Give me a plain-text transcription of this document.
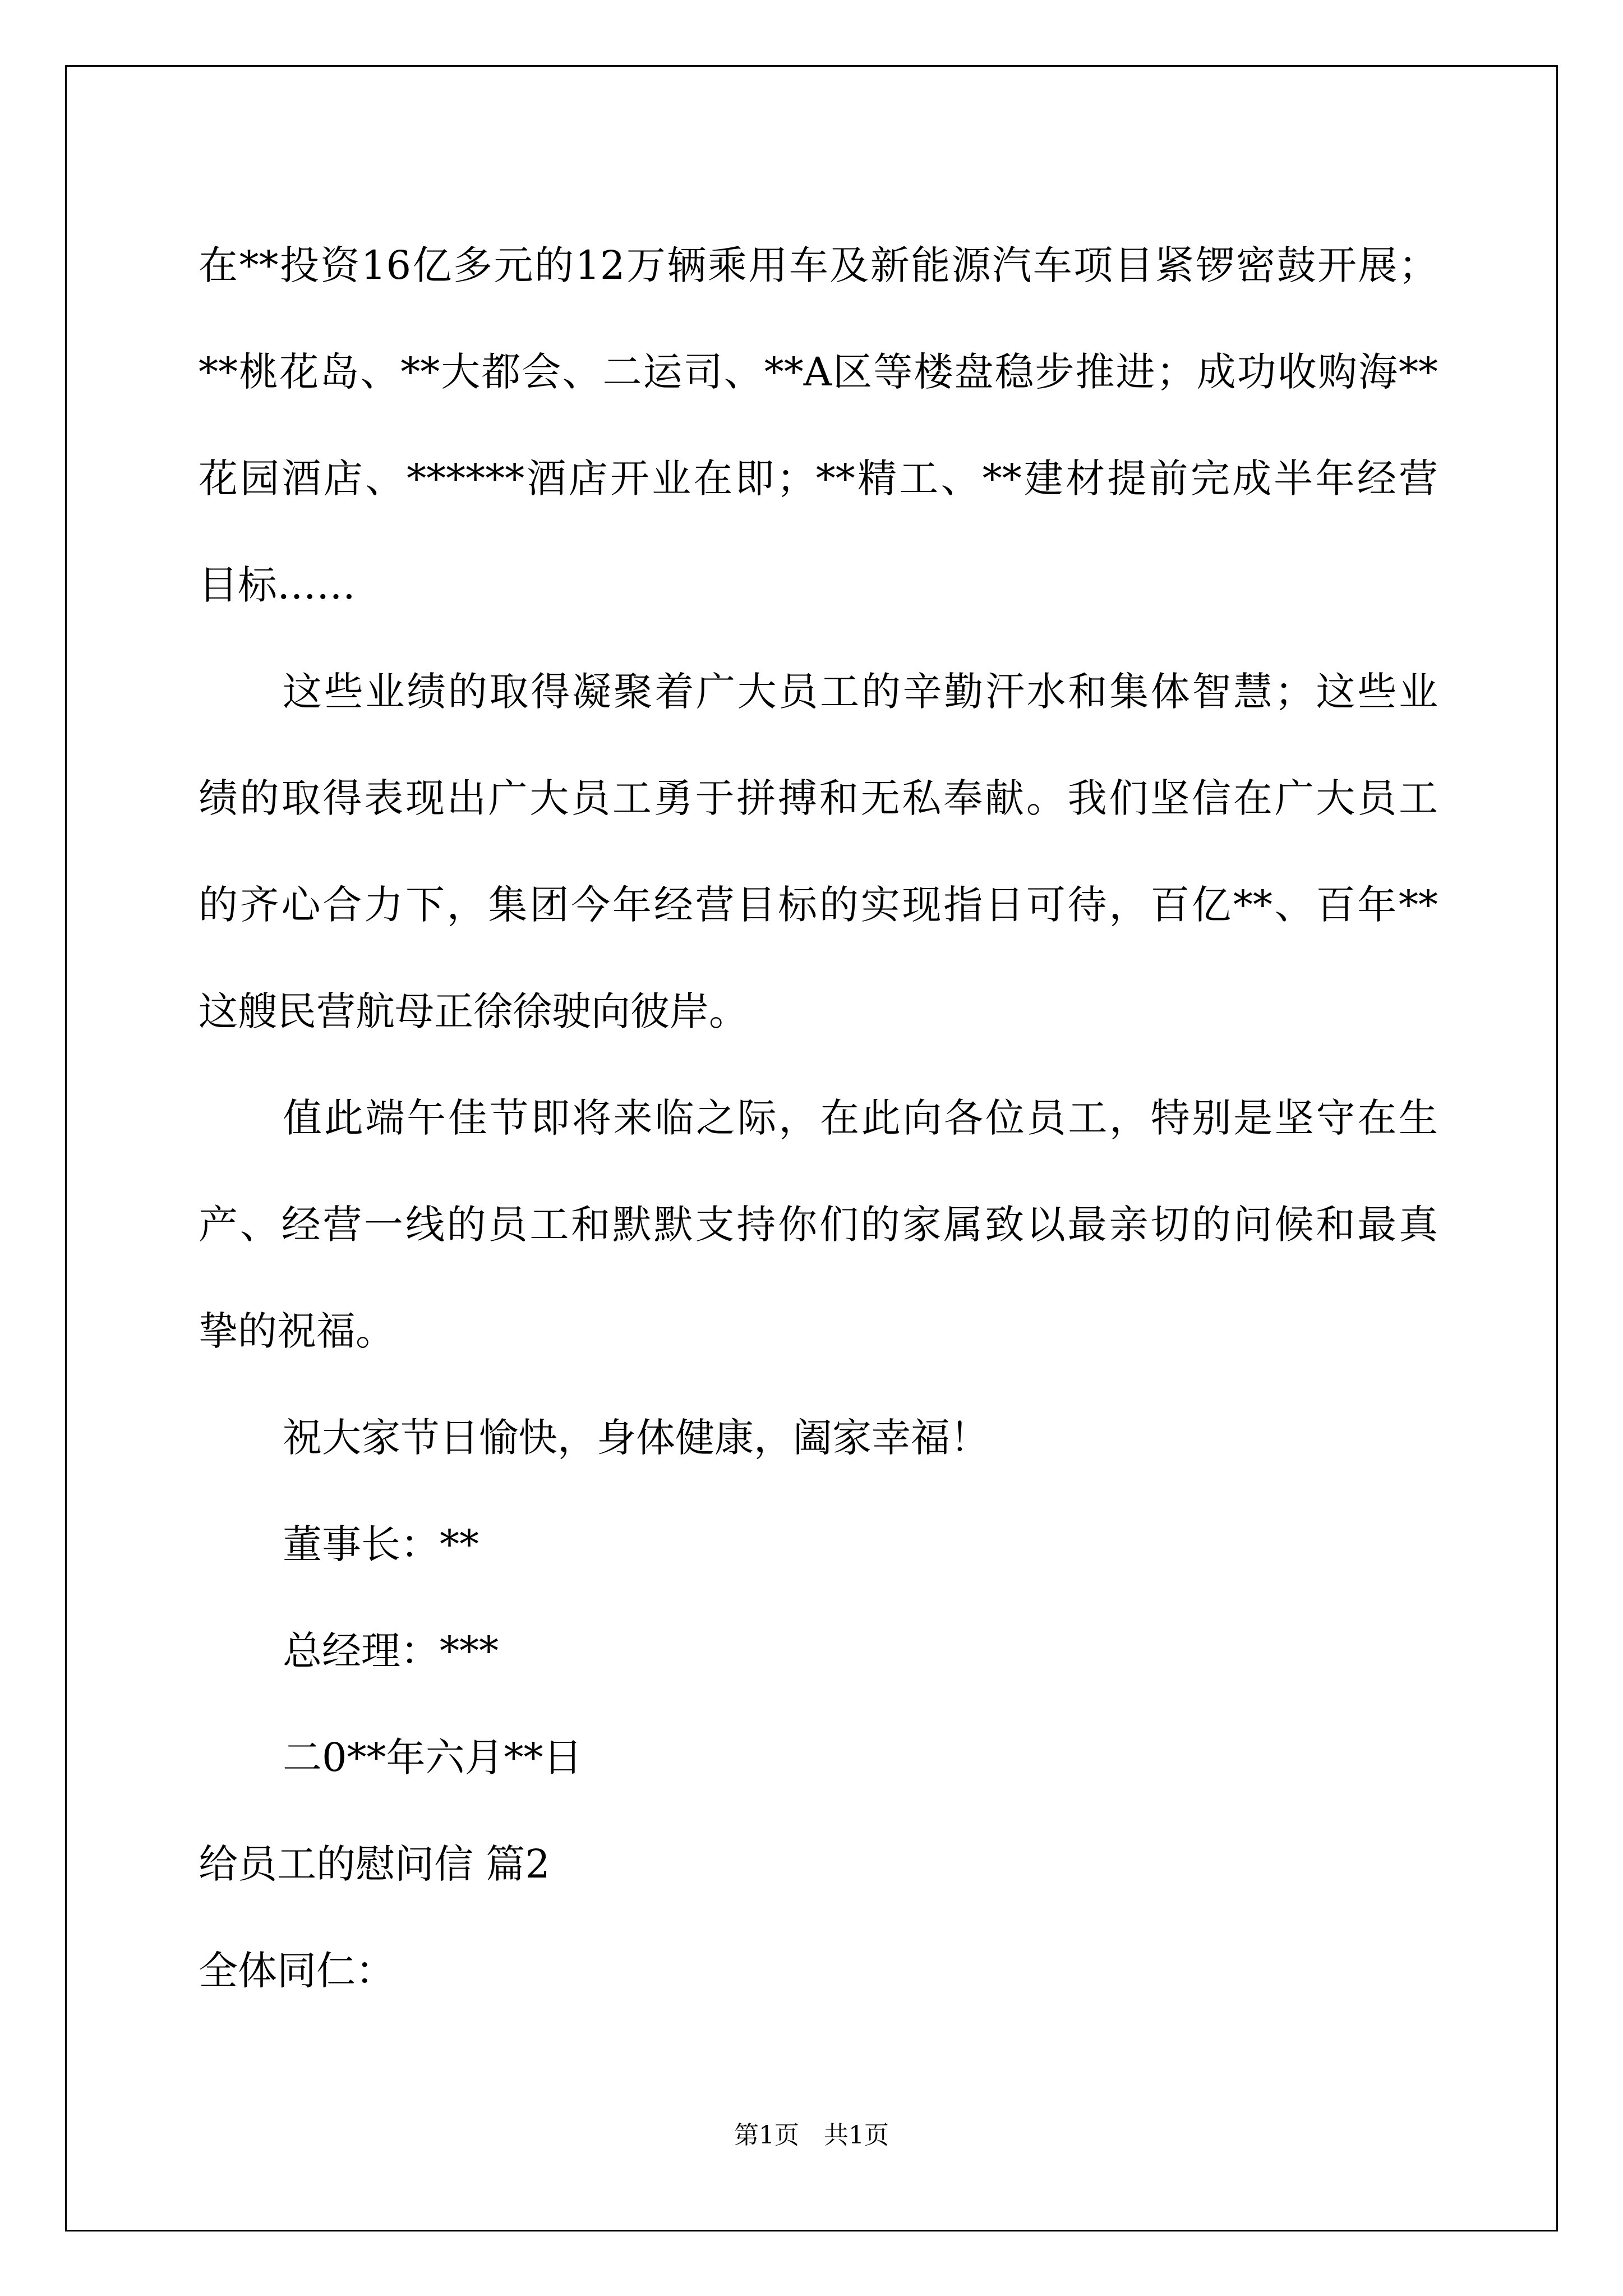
在**投资16亿多元的12万辆乘用车及新能源汽车项目紧锣密鼓开展；
**桃花岛、**大都会、二运司、**A区等楼盘稳步推进；成功收购海**
花园酒店、******酒店开业在即；**精工、**建材提前完成半年经营
目标……
这些业绩的取得凝聚着广大员工的辛勤汗水和集体智慧；这些业
绩的取得表现出广大员工勇于拼搏和无私奉献。我们坚信在广大员工
的齐心合力下，集团今年经营目标的实现指日可待，百亿**、百年**
这艘民营航母正徐徐驶向彼岸。
值此端午佳节即将来临之际，在此向各位员工，特别是坚守在生
产、经营一线的员工和默默支持你们的家属致以最亲切的问候和最真
挚的祝福。
祝大家节日愉快，身体健康，阖家幸福！
董事长：**
总经理：***
二0**年六月**日
给员工的慰问信 篇2
全体同仁：
第1页　共1页
